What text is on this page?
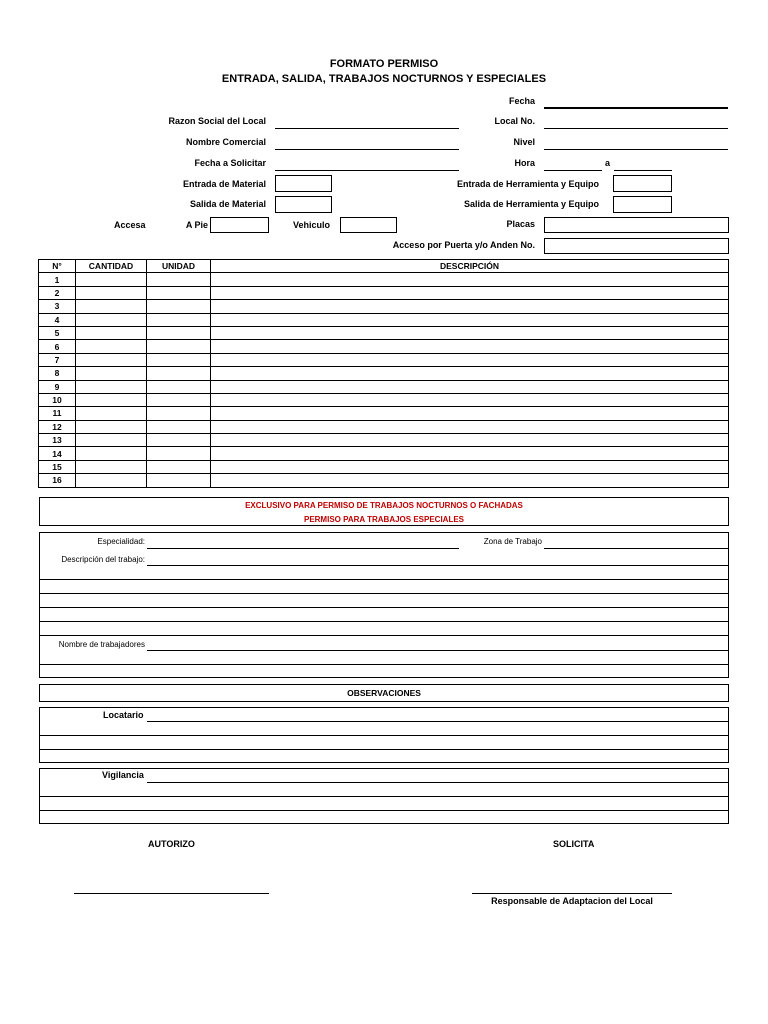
FORMATO PERMISO
ENTRADA, SALIDA, TRABAJOS NOCTURNOS Y ESPECIALES
Fecha
Razon Social del Local	Local No.
Nombre Comercial	Nivel
Fecha a Solicitar	Hora	a
Entrada de Material	Entrada de Herramienta y Equipo
Salida de Material	Salida de Herramienta y Equipo
Accesa	A Pie	Vehiculo	Placas
Acceso por Puerta y/o Anden No.
N°	CANTIDAD	UNIDAD	DESCRIPCIÓN
1			
2			
3			
4			
5			
6			
7			
8			
9			
10			
11			
12			
13			
14			
15			
16			
EXCLUSIVO PARA PERMISO DE TRABAJOS NOCTURNOS O FACHADAS
PERMISO PARA TRABAJOS ESPECIALES
Especialidad:	Zona de Trabajo
Descripción del trabajo:
Nombre de trabajadores
OBSERVACIONES
Locatario
Vigilancia
AUTORIZO	SOLICITA
Responsable de Adaptacion del Local
